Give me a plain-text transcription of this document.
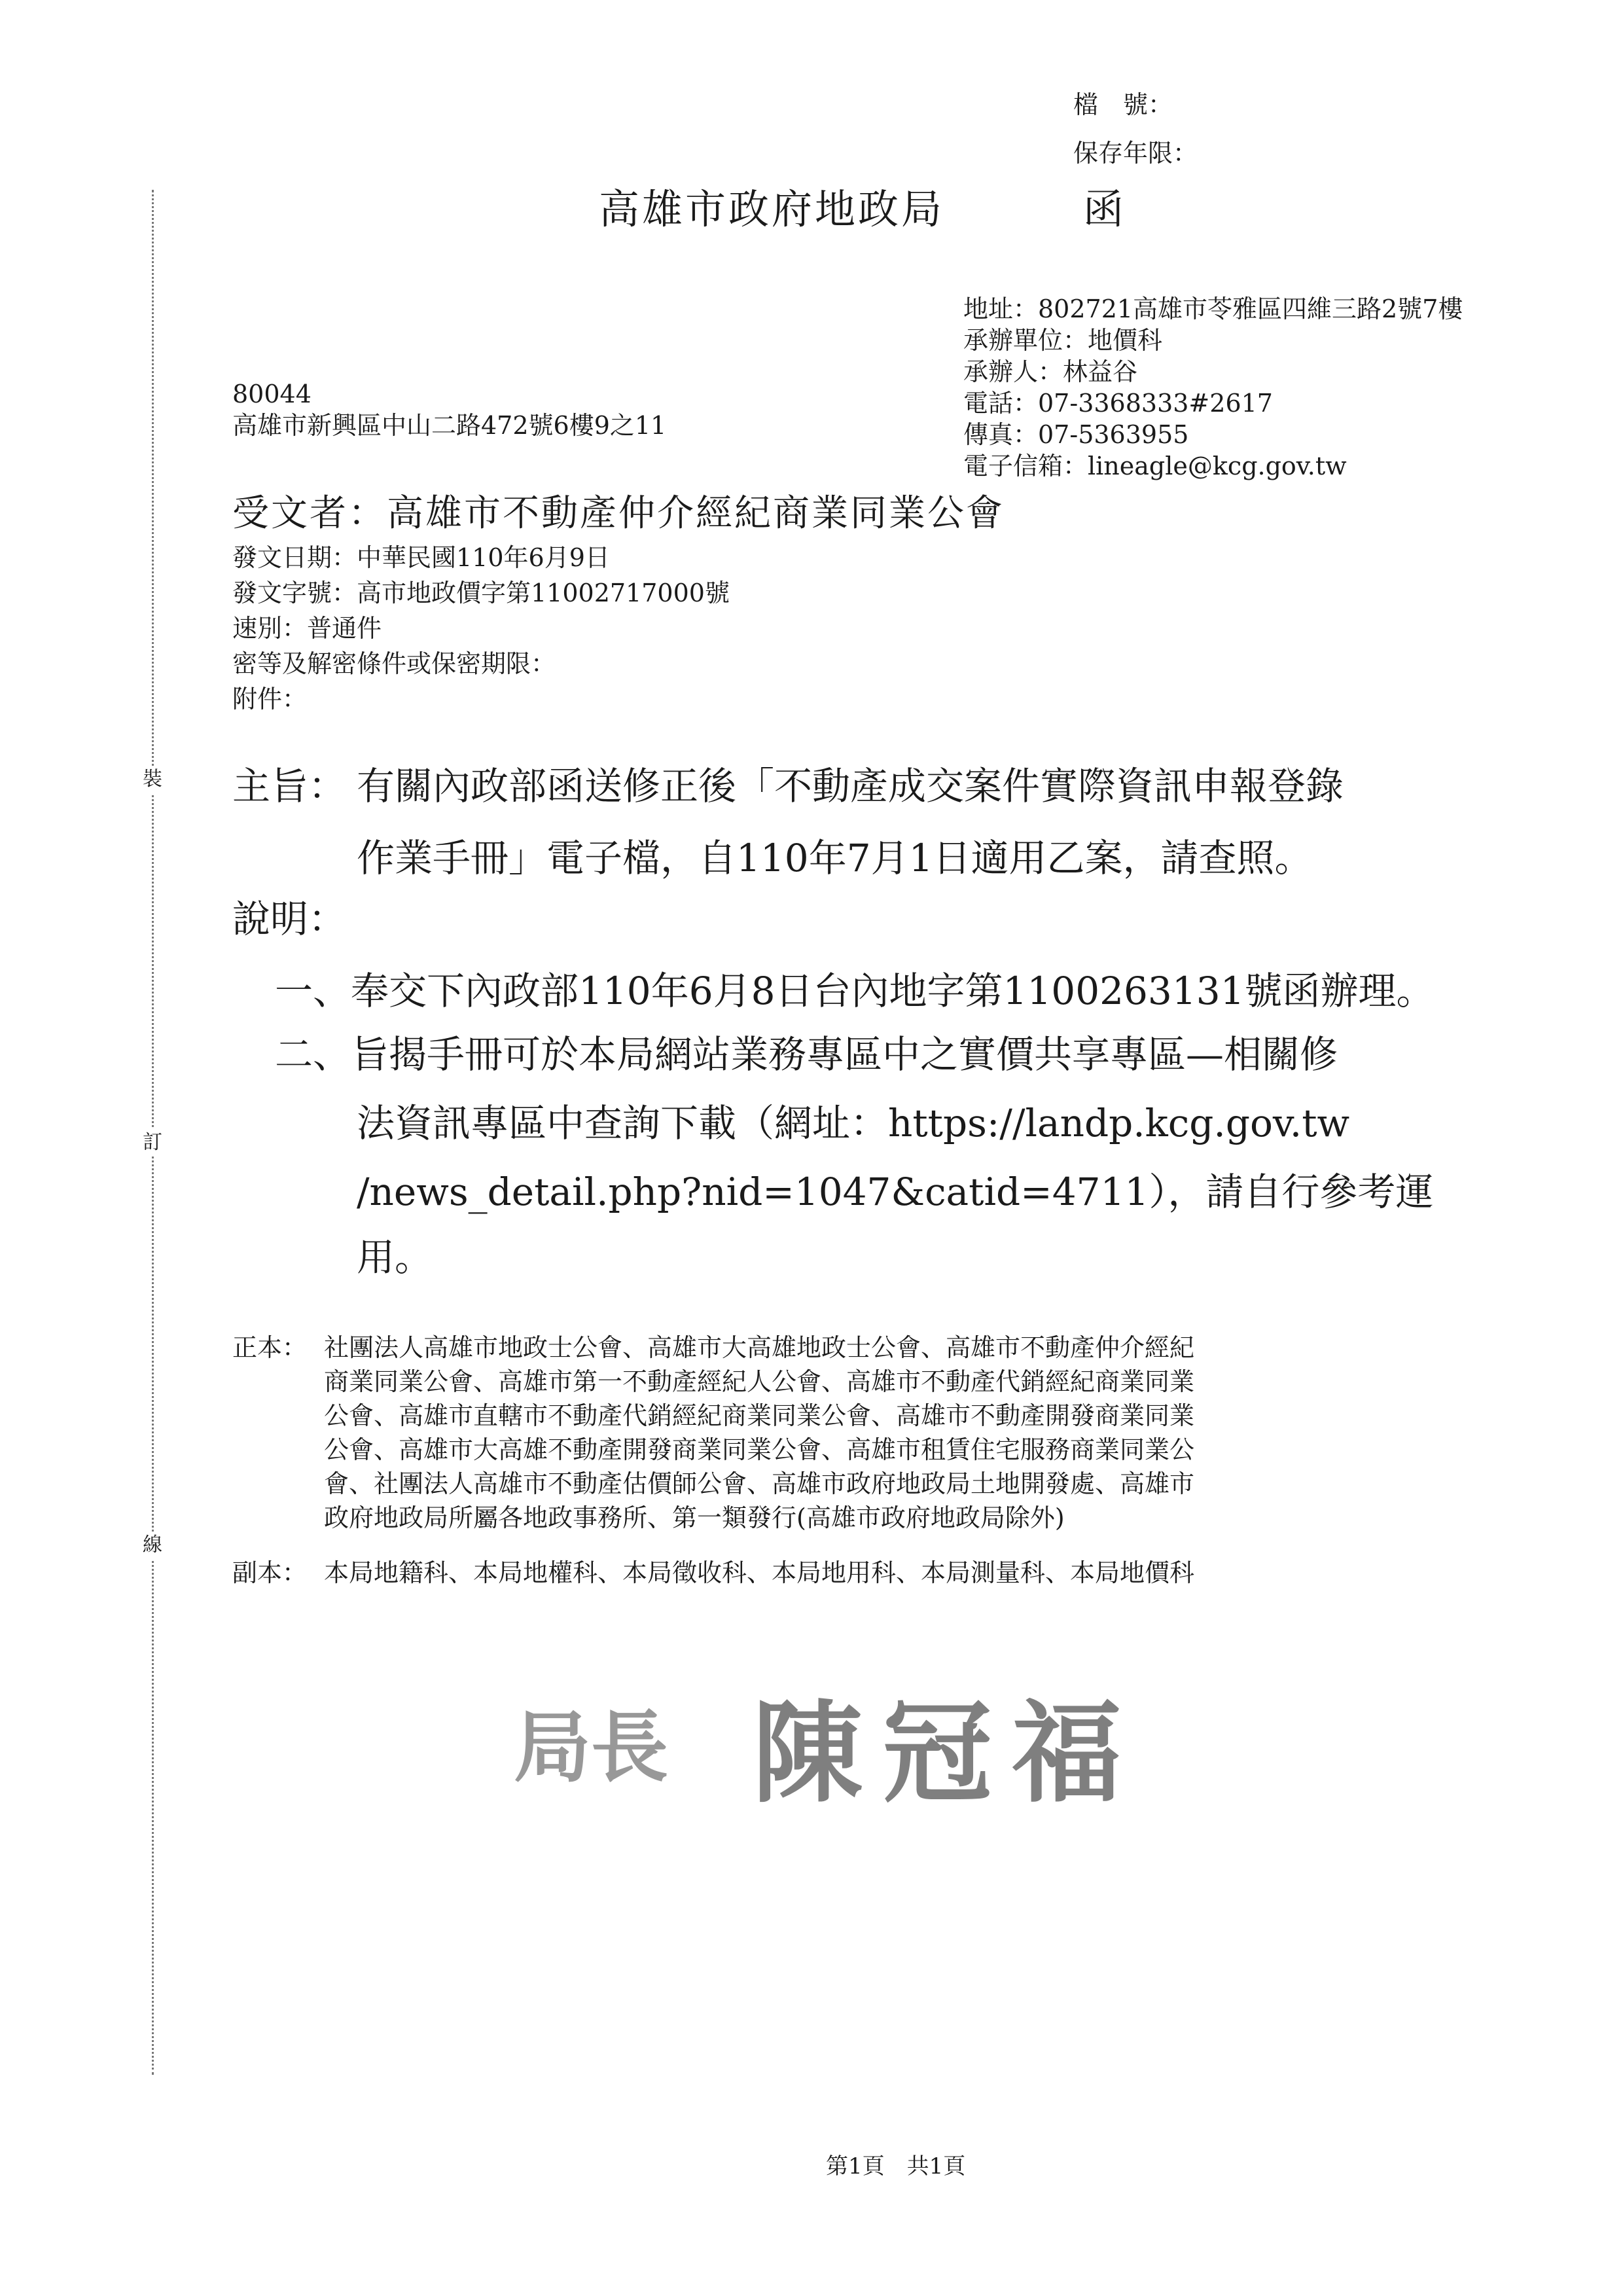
裝
訂
線
檔　號：
保存年限：
高雄市政府地政局	函
地址：802721高雄市苓雅區四維三路2號7樓
承辦單位：地價科
承辦人：林益谷
電話：07-3368333#2617
傳真：07-5363955
電子信箱：lineagle@kcg.gov.tw
80044
高雄市新興區中山二路472號6樓9之11
受文者：高雄市不動產仲介經紀商業同業公會
發文日期：中華民國110年6月9日
發文字號：高市地政價字第11002717000號
速別：普通件
密等及解密條件或保密期限：
附件：
主旨： 有關內政部函送修正後「不動產成交案件實際資訊申報登錄
作業手冊」電子檔，自110年7月1日適用乙案，請查照。
說明：
一、奉交下內政部110年6月8日台內地字第1100263131號函辦理。
二、旨揭手冊可於本局網站業務專區中之實價共享專區—相關修
法資訊專區中查詢下載（網址：https://landp.kcg.gov.tw
/news_detail.php?nid=1047&catid=4711），請自行參考運
用。
正本： 社團法人高雄市地政士公會、高雄市大高雄地政士公會、高雄市不動產仲介經紀
商業同業公會、高雄市第一不動產經紀人公會、高雄市不動產代銷經紀商業同業
公會、高雄市直轄市不動產代銷經紀商業同業公會、高雄市不動產開發商業同業
公會、高雄市大高雄不動產開發商業同業公會、高雄市租賃住宅服務商業同業公
會、社團法人高雄市不動產估價師公會、高雄市政府地政局土地開發處、高雄市
政府地政局所屬各地政事務所、第一類發行(高雄市政府地政局除外)
副本： 本局地籍科、本局地權科、本局徵收科、本局地用科、本局測量科、本局地價科
局長 陳冠福
第1頁　共1頁
